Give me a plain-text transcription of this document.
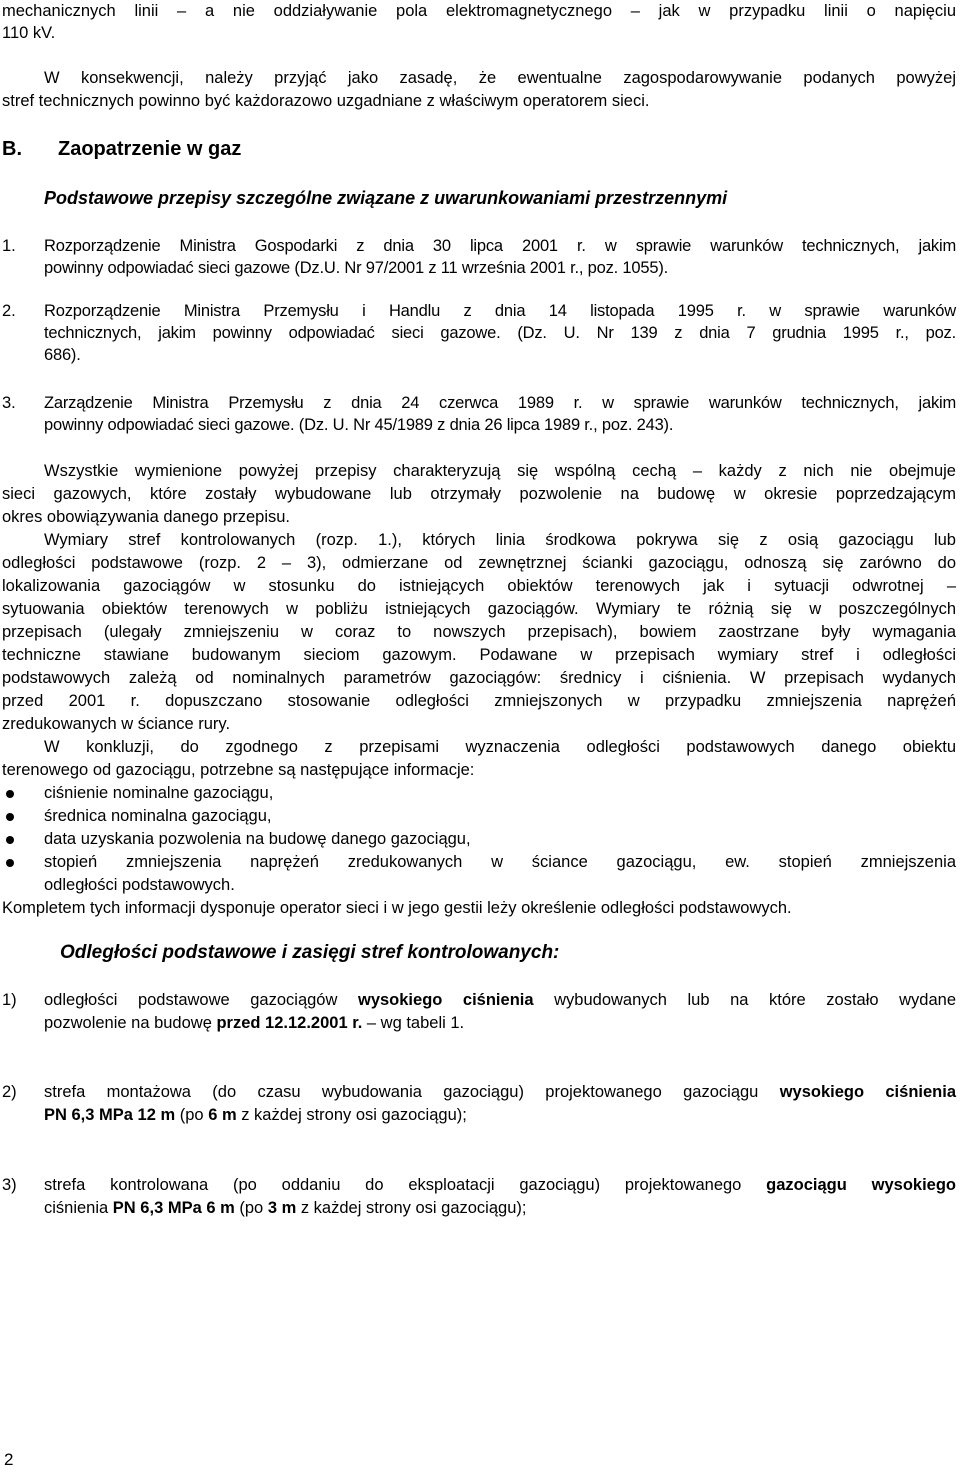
mechanicznych linii – a nie oddziaływanie pola elektromagnetycznego – jak w przypadku linii o napięciu
110 kV.
W konsekwencji, należy przyjąć jako zasadę, że ewentualne zagospodarowywanie podanych powyżej
stref technicznych powinno być każdorazowo uzgadniane z właściwym operatorem sieci.
B. Zaopatrzenie w gaz
Podstawowe przepisy szczególne związane z uwarunkowaniami przestrzennymi
1. Rozporządzenie Ministra Gospodarki z dnia 30 lipca 2001 r. w sprawie warunków technicznych, jakim
powinny odpowiadać sieci gazowe (Dz.U. Nr 97/2001 z 11 września 2001 r., poz. 1055).
2. Rozporządzenie Ministra Przemysłu i Handlu z dnia 14 listopada 1995 r. w sprawie warunków
technicznych, jakim powinny odpowiadać sieci gazowe. (Dz. U. Nr 139 z dnia 7 grudnia 1995 r., poz.
686).
3. Zarządzenie Ministra Przemysłu z dnia 24 czerwca 1989 r. w sprawie warunków technicznych, jakim
powinny odpowiadać sieci gazowe. (Dz. U. Nr 45/1989 z dnia 26 lipca 1989 r., poz. 243).
Wszystkie wymienione powyżej przepisy charakteryzują się wspólną cechą – każdy z nich nie obejmuje
sieci gazowych, które zostały wybudowane lub otrzymały pozwolenie na budowę w okresie poprzedzającym
okres obowiązywania danego przepisu.
Wymiary stref kontrolowanych (rozp. 1.), których linia środkowa pokrywa się z osią gazociągu lub
odległości podstawowe (rozp. 2 – 3), odmierzane od zewnętrznej ścianki gazociągu, odnoszą się zarówno do
lokalizowania gazociągów w stosunku do istniejących obiektów terenowych jak i sytuacji odwrotnej –
sytuowania obiektów terenowych w pobliżu istniejących gazociągów. Wymiary te różnią się w poszczególnych
przepisach (ulegały zmniejszeniu w coraz to nowszych przepisach), bowiem zaostrzane były wymagania
techniczne stawiane budowanym sieciom gazowym. Podawane w przepisach wymiary stref i odległości
podstawowych zależą od nominalnych parametrów gazociągów: średnicy i ciśnienia. W przepisach wydanych
przed 2001 r. dopuszczano stosowanie odległości zmniejszonych w przypadku zmniejszenia naprężeń
zredukowanych w ściance rury.
W konkluzji, do zgodnego z przepisami wyznaczenia odległości podstawowych danego obiektu
terenowego od gazociągu, potrzebne są następujące informacje:
ciśnienie nominalne gazociągu,
średnica nominalna gazociągu,
data uzyskania pozwolenia na budowę danego gazociągu,
stopień zmniejszenia naprężeń zredukowanych w ściance gazociągu, ew. stopień zmniejszenia
odległości podstawowych.
Kompletem tych informacji dysponuje operator sieci i w jego gestii leży określenie odległości podstawowych.
Odległości podstawowe i zasięgi stref kontrolowanych:
1) odległości podstawowe gazociągów wysokiego ciśnienia wybudowanych lub na które zostało wydane
pozwolenie na budowę przed 12.12.2001 r. – wg tabeli 1.
2) strefa montażowa (do czasu wybudowania gazociągu) projektowanego gazociągu wysokiego ciśnienia
PN 6,3 MPa 12 m (po 6 m z każdej strony osi gazociągu);
3) strefa kontrolowana (po oddaniu do eksploatacji gazociągu) projektowanego gazociągu wysokiego
ciśnienia PN 6,3 MPa 6 m (po 3 m z każdej strony osi gazociągu);
2
